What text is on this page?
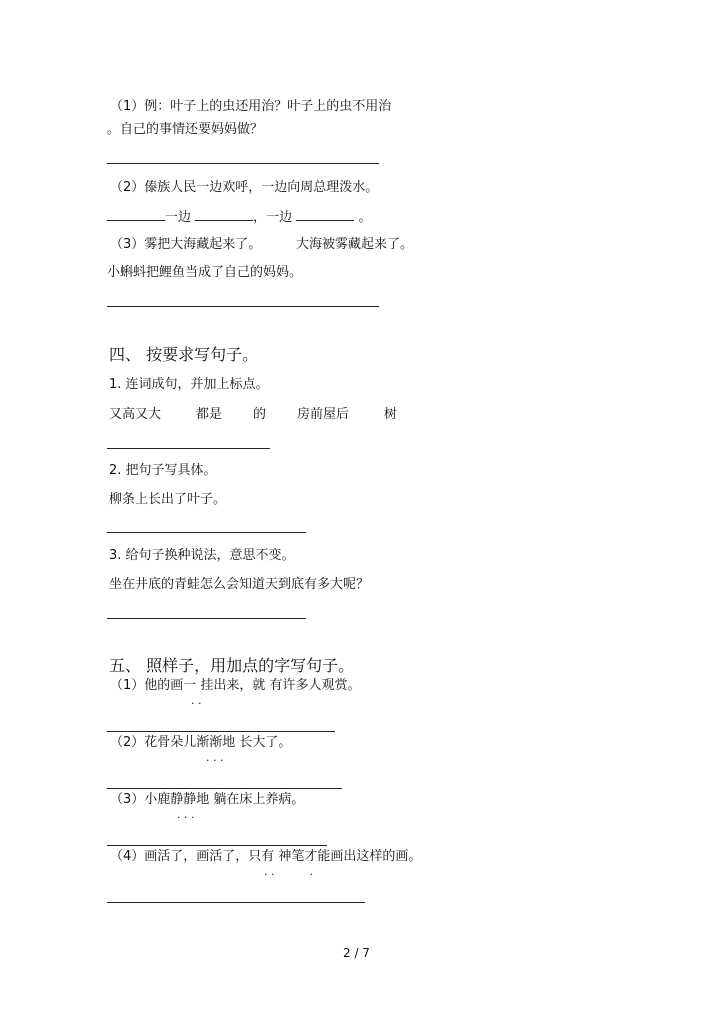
（1）例：叶子上的虫还用治？叶子上的虫不用治
。自己的事情还要妈妈做？
（2）傣族人民一边欢呼，一边向周总理泼水。
一边	，一边	。
（3）雾把大海藏起来了。	大海被雾藏起来了。
小蝌蚪把鲤鱼当成了自己的妈妈。
四、 按要求写句子。
1. 连词成句，并加上标点。
又高又大	都是 的 房前屋后	树
2. 把句子写具体。
柳条上长出了叶子。
3. 给句子换种说法，意思不变。
坐在井底的青蛙怎么会知道天到底有多大呢？
五、 照样子，用加点的字写句子。
（1）他的画一 挂出来，就 有许多人观赏。
· ·
（2）花骨朵儿渐渐地 长大了。
· · ·
（3）小鹿静静地 躺在床上养病。
· · ·
（4）画活了，画活了，只有 神笔才能画出这样的画。
· ·          ·
2 / 7
